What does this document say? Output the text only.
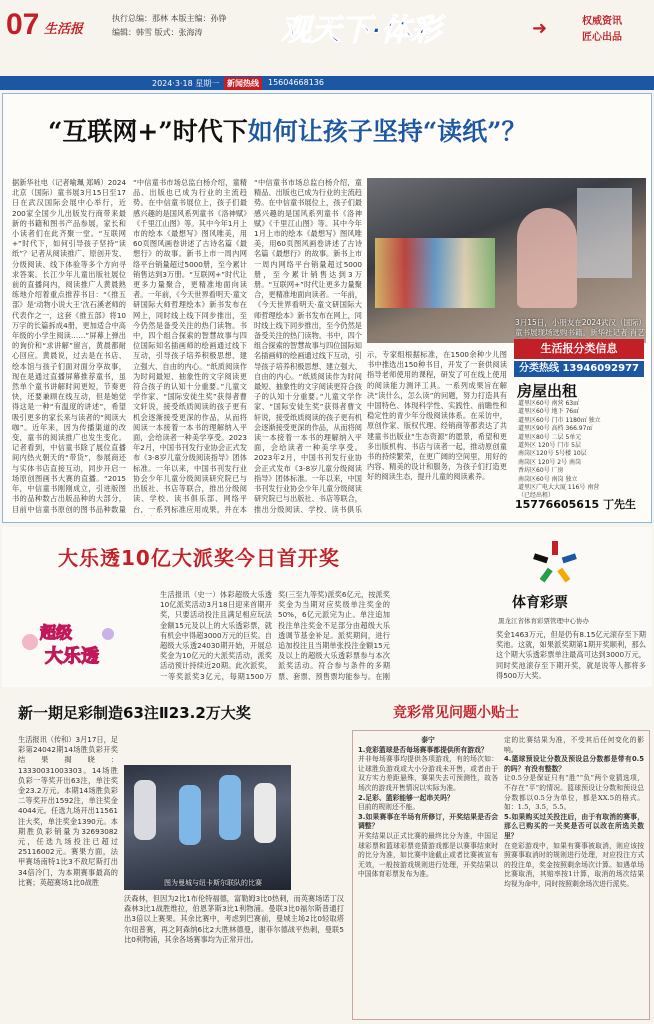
07 生活报
执行总编：那林 本版主编：孙铮
编辑：韩雪 版式：张海涛	观天下·体彩	➜	权威资讯
匠心出品
2024·3·18 星期一 新闻热线	15604668136
“互联网+”时代下如何让孩子坚持“读纸”？
据新华社电（记者喻珮 郑晞）2024北京（国际）童书展3月15日至17日在武汉国际会展中心举行，近200家全国少儿出版发行商带来最新的书籍和图书产品参展，家长和小读者们在此齐聚一堂。“互联网+”时代下，如何引导孩子坚持“读纸”？记者从阅读推广、原创开发、分级阅读、线下体验等多个方向寻求答案。长江少年儿童出版社展位前的直播间内，阅读推广人黄晨熟练地介绍着重点推荐书目：“《推五部》是‘动物小说大王’沈石溪老师的代表作之一，这套《推五部》将10万字的长篇拆成4册，更加适合中高年级的小学生阅读……”屏幕上弹出的询价和“求讲解”留言，黄晨都耐心回应。黄晨说，过去是在书店、绘本馆与孩子们面对面分享故事，现在是通过直播屏幕推荐童书，虽然单个童书讲解时间更短，节奏更快，还要兼顾在线互动，但是她觉得这是一种“有温度的讲述”，希望吸引更多的家长来与读者的“阅读大咖”。近年来，因为传播渠道的改变，童书的阅读推广也发生变化。记者看到，中信童书除了展位直播间内热火朝天的“带货”，参展商还与实体书店直接互动，同步开启一场原创图画书大赛的直播。“2015年，中信童书刚刚成立，引进版图书的品种数占出版品种的大部分，目前中信童书原创的图书品种数量
“中信童书市场总监白杨介绍，童精品、出版也已成为行业的主流趋势。在中信童书展位上，孩子们最感兴趣的是国风系列童书《洛神赋》《千里江山图》等。其中今年1月上市的绘本《最想写》图风唯美，用60页图风画卷讲述了古诗名篇《最想行》的故事。新书上市一周内网络平台销量超过5000册，至今累计销售达到3万册。“互联网+”时代让更多力量聚合，更精准地面向读者。一年前，《今天世界看明天·童文研国际大师哲理绘本》新书发布在网上，同时线上线下同步推出，至今仍然是备受关注的热门读物。书中，四个组合探索的智慧故事与四位国际知名插画师的绘画通过线下互动，引导孩子培养积极思想、建立强大、自由的内心。“纸质阅读作为时间最短、抽象性的文字阅读更符合孩子的认知十分重要。”儿童文学作家、“国际安徒生奖”获得者曹文轩说，接受纸质阅读的孩子更有机会逐渐接受更深的作品，从而将阅读一本接着一本书的理解纳入平面，会给读者一种美学享受。2023年2月，中国书刊发行业协会正式发布《3-8岁儿童分级阅读指导》团体标准。一年以来，中国书刊发行业协会少年儿童分级阅读研究院已与出版社、书店等联合，推出分级阅读、学校、读书俱乐部、网络平台，一系列标准应用成果，并在本
“中信童书市场总监白杨介绍，童精品、出版也已成为行业的主流趋势。在中信童书展位上，孩子们最感兴趣的是国风系列童书《洛神赋》《千里江山图》等。其中今年1月上市的绘本《最想写》图风唯美，用60页图风画卷讲述了古诗名篇《最想行》的故事。新书上市一周内网络平台销量超过5000册，至今累计销售达到3万册。“互联网+”时代让更多力量聚合，更精准地面向读者。一年前，《今天世界看明天·童文研国际大师哲理绘本》新书发布在网上，同时线上线下同步推出，至今仍然是备受关注的热门读物。书中，四个组合探索的智慧故事与四位国际知名插画师的绘画通过线下互动，引导孩子培养积极思想、建立强大、自由的内心。“纸质阅读作为时间最短、抽象性的文字阅读更符合孩子的认知十分重要。”儿童文学作家、“国际安徒生奖”获得者曹文轩说，接受纸质阅读的孩子更有机会逐渐接受更深的作品，从而将阅读一本接着一本书的理解纳入平面，会给读者一种美学享受。2023年2月，中国书刊发行业协会正式发布《3-8岁儿童分级阅读指导》团体标准。一年以来，中国书刊发行业协会少年儿童分级阅读研究院已与出版社、书店等联合，推出分级阅读、学校、读书俱乐
3月15日，小朋友在2024武汉（国际）童书展现场选购书籍。新华社记者 肖艺
示，专家组根据标准，在1500余种少儿图书中推选出150种书目，开发了一套供阅读指导老师使用的课程，研发了可在线上使用的阅读能力测评工具。一系列成果旨在解决“读什么，怎么读”的问题，努力打造具有中国特色、体现科学性、实践性、前瞻性和稳定性的青少年分级阅读体系。在采访中，原创作家、版权代理、经销商等都表达了共建童书出版业“生态资源”的愿景，希望和更多出版机构、书店与读者一起，推动原创童书的持续繁荣，在更广阔的空间里，用好的内容、精美的设计和服务，为孩子们打造更好的阅读生态，提升儿童的阅读素养。
生活报分类信息
分类热线 13946092977
房屋出租
道里区60号 南营 63㎡
道里区60号 地下 76㎡
道里区60号 门市 1180㎡ 独立
道里区90号 高档 366.97㎡
道里区80号 二层 5单元
道外区 120号 门市 5层
南岗区120号 5号楼 10层
南岗区 120号 2号 南岗
香坊区60号 厂房
南岗区60号 南岗 独立
道里区广电大大厦 116号 南营
（已经出租）
15776605615 丁先生
大乐透10亿大派奖今日首开奖
超级
大乐透
生活报讯（史一）体彩超级大乐透10亿派奖活动3月18日迎来首期开奖，只要活动投注且满足相应玩法金额15元及以上的大乐透彩票，就有机会中得超3000万元的巨奖。自超级大乐透24030期开始，开展总奖金为10亿元的大派奖活动，派奖活动预计持续近20期。此次派奖，一等奖派奖3亿元，每期1500万
奖(三至九等奖)派奖6亿元，按派奖奖金为当期对应奖级单注奖金的50%，6亿元派完为止。单注追加投注单注奖金不足部分由超级大乐透调节基金补足。派奖期间，进行追加投注且当期单张投注金额15元及以上的超级大乐透彩票参与本次派奖活动。符合参与条件的多期票、套票、预售票均能参与。在刚
体育彩票
黑龙江省体育彩票管理中心协办
奖金1463万元，但是仍有8.15亿元滚存至下期奖池。这就，如果派奖期第1期开奖顺利，那么这个期大乐透彩票单注最高可达到3000万元，同时奖池滚存至下期开奖，就是说等人都将多得500万大奖。
新一期足彩制造63注Ⅱ23.2万大奖
生活报讯（传和）3月17日，足彩第24042期14场胜负彩开奖结果揭晓：13330031003303。14场胜负彩一等奖开出63注，单注奖金23.2万元。本期14场胜负彩二等奖开出1592注，单注奖金4044元。任选九场开出11561注大奖，单注奖金1390元。本期胜负彩销量为32693082元，任选九场投注已超过25116002元。赛果方面，法甲赛场南特1比3不敌尼斯打出34倍冷门，为本期赛事最高的比赛；英超赛场1比0战胜	图为曼城与纽卡斯尔联队的比赛
沃森林，但因为2比1布伦特福德，富勒姆3比0热刺，而英赛场诺丁汉森林3比1战胜维拉，伯恩茅斯3比1利物浦。曼联3比0福尔斯普通打出3倍以上赛果。其余比赛中，考虑到巴赛前，曼城主场2比0轻取塔尔纽普赛，再之阿森纳6比2大胜林德曼，谢菲尔德战平热刺，曼联5比0利物浦，其余各场赛事均为正常开出。
竞彩常见问题小贴士
泰宁
1.竞彩篮球是否每场赛事都提供所有游戏？
并非每场赛事均提供各项游戏，有的场次如：让球胜负游戏或大小分游戏未开售，或者由于双方实力差距悬殊，赛果失去可预测性，故各场次的游戏开售情况以实际为准。
2.足彩、篮彩能够一起串关吗？
目前的规则还不能。
3.如果赛事在半场有所修订，开奖结果是否会调整？
开奖结果以正式比赛的最终比分为准，中国足球彩票和篮球彩票竞猜游戏都是以赛事结束时的比分为准，如比赛中途截止或者比赛被宣布无效，一般按游戏规则进行处理，开奖结果以中国体育彩票发布为准。
定的比赛结果为准，不受其后任何变化的影响。
4.篮球预设让分数及预设总分数都是带有0.5的吗？有没有整数？
让0.5分是保证只有“胜”“负”两个竞猜选项，不存在“平”的情况。篮球预设让分数和预设总分数都以0.5分为单位，都是XX.5的格式。如：1.5，3.5，5.5。
5.如果购买过关投注后，由于有取消的赛事，那么已购买的一关奖是否可以改在所选关数里？
在竞彩游戏中，如果有赛事被取消，则应该按照赛事取消时的规则进行处理，对应投注方式的投注单，奖金按照剩余场次计算。如遇单场比赛取消，其赔率按1计算，取消的场次结果均视为命中，同时按照剩余场次进行派奖。
